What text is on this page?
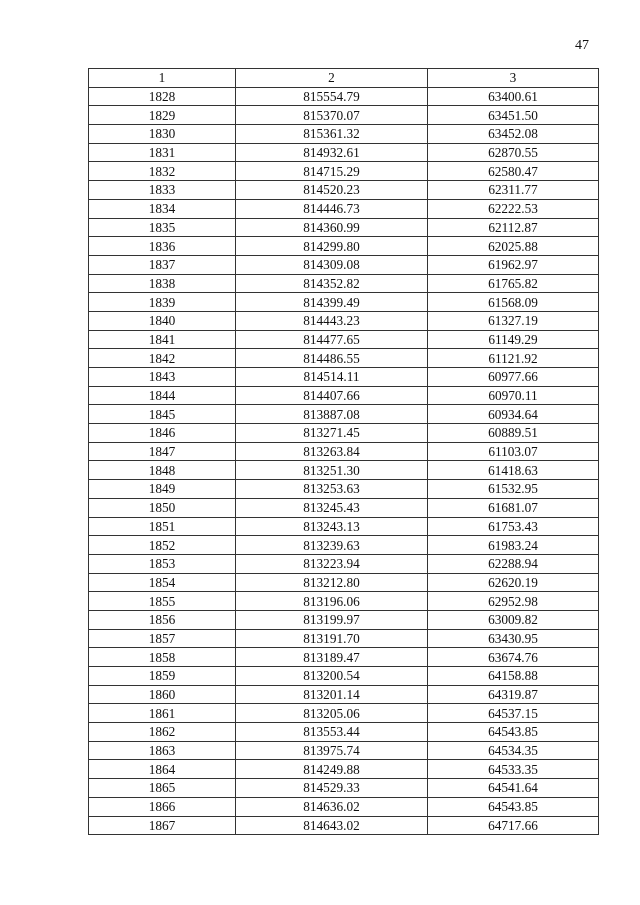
47
1	2	3
1828	815554.79	63400.61
1829	815370.07	63451.50
1830	815361.32	63452.08
1831	814932.61	62870.55
1832	814715.29	62580.47
1833	814520.23	62311.77
1834	814446.73	62222.53
1835	814360.99	62112.87
1836	814299.80	62025.88
1837	814309.08	61962.97
1838	814352.82	61765.82
1839	814399.49	61568.09
1840	814443.23	61327.19
1841	814477.65	61149.29
1842	814486.55	61121.92
1843	814514.11	60977.66
1844	814407.66	60970.11
1845	813887.08	60934.64
1846	813271.45	60889.51
1847	813263.84	61103.07
1848	813251.30	61418.63
1849	813253.63	61532.95
1850	813245.43	61681.07
1851	813243.13	61753.43
1852	813239.63	61983.24
1853	813223.94	62288.94
1854	813212.80	62620.19
1855	813196.06	62952.98
1856	813199.97	63009.82
1857	813191.70	63430.95
1858	813189.47	63674.76
1859	813200.54	64158.88
1860	813201.14	64319.87
1861	813205.06	64537.15
1862	813553.44	64543.85
1863	813975.74	64534.35
1864	814249.88	64533.35
1865	814529.33	64541.64
1866	814636.02	64543.85
1867	814643.02	64717.66
